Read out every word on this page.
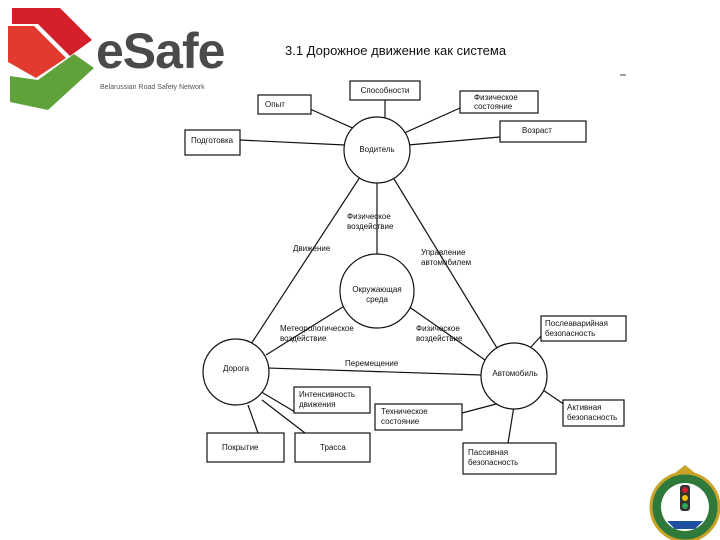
eSafe
Belarussian Road Safety Network
3.1 Дорожное движение как система
Водитель
Окружающая
среда
Дорога
Автомобиль
Способности
Опыт
Физическое
состояние
Подготовка
Возраст
Послеаварийная
безопасность
Активная
безопасность
Техническое
состояние
Пассивная
безопасность
Интенсивность
движения
Покрытие	Трасса
Физическое
воздействие
Движение	Управление
автомобилем
Метеорологическое
воздействие
Физическое
воздействие
Перемещение
